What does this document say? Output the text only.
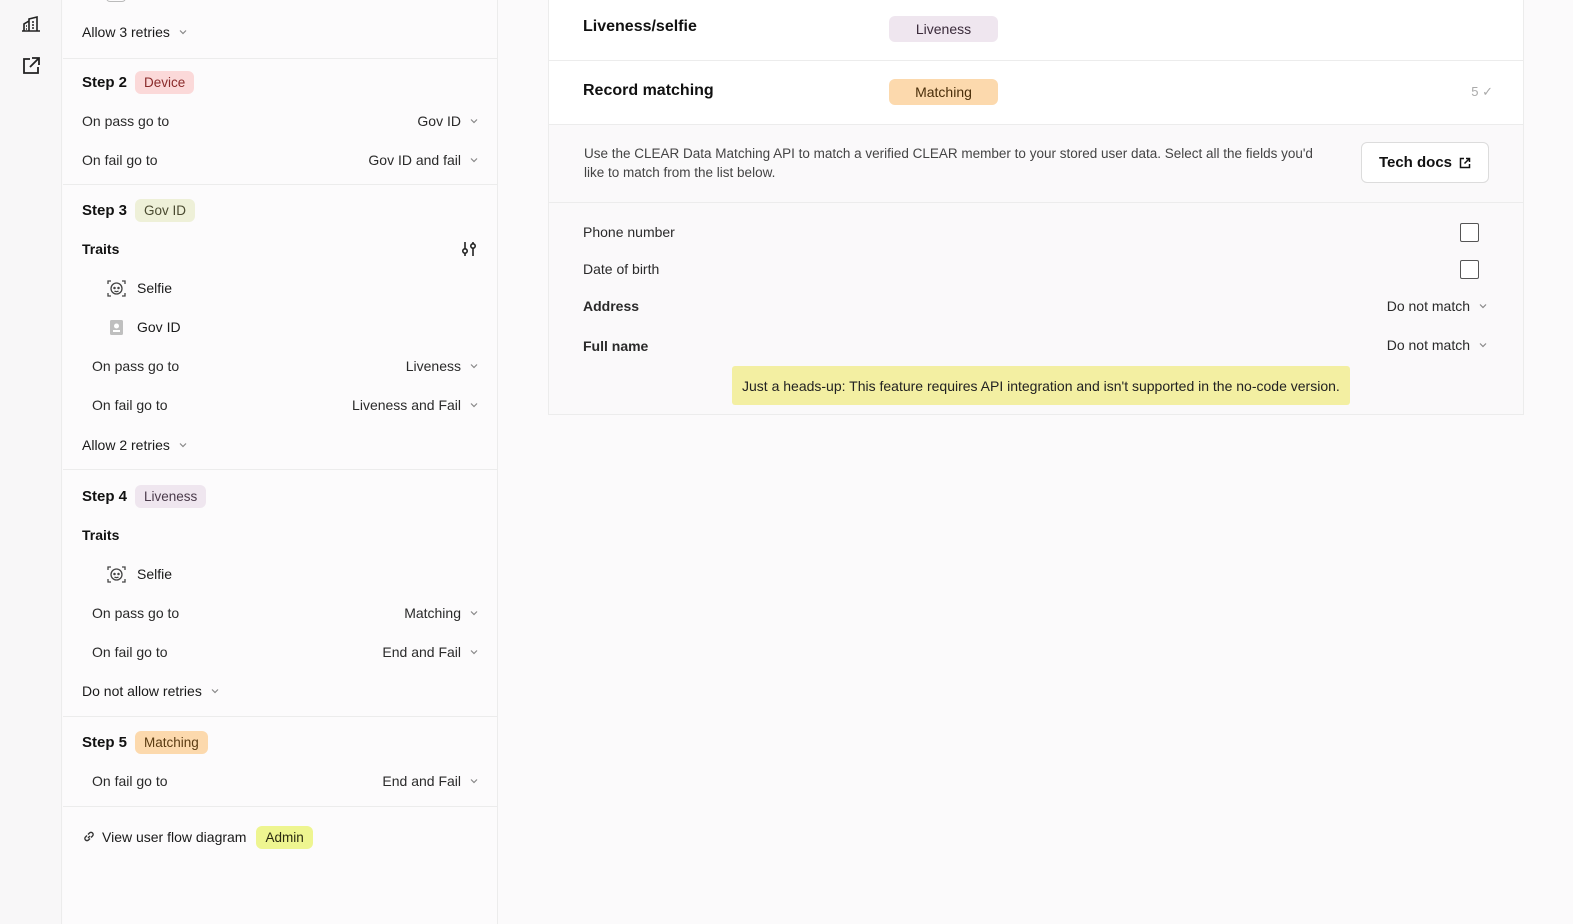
Allow 3 retries
Step 2	Device
On pass go to	Gov ID
On fail go to	Gov ID and fail
Step 3	Gov ID
Traits
Selfie
Gov ID
On pass go to	Liveness
On fail go to	Liveness and Fail
Allow 2 retries
Step 4	Liveness
Traits
Selfie
On pass go to	Matching
On fail go to	End and Fail
Do not allow retries
Step 5	Matching
On fail go to	End and Fail
View user flow diagram	Admin
Liveness/selfie	Liveness
Record matching	Matching	5 ✓
Use the CLEAR Data Matching API to match a verified CLEAR member to your stored user data. Select all the fields you'd like to match from the list below.
Tech docs
Phone number
Date of birth
Address	Do not match
Full name	Do not match
Just a heads-up: This feature requires API integration and isn't supported in the no-code version.
